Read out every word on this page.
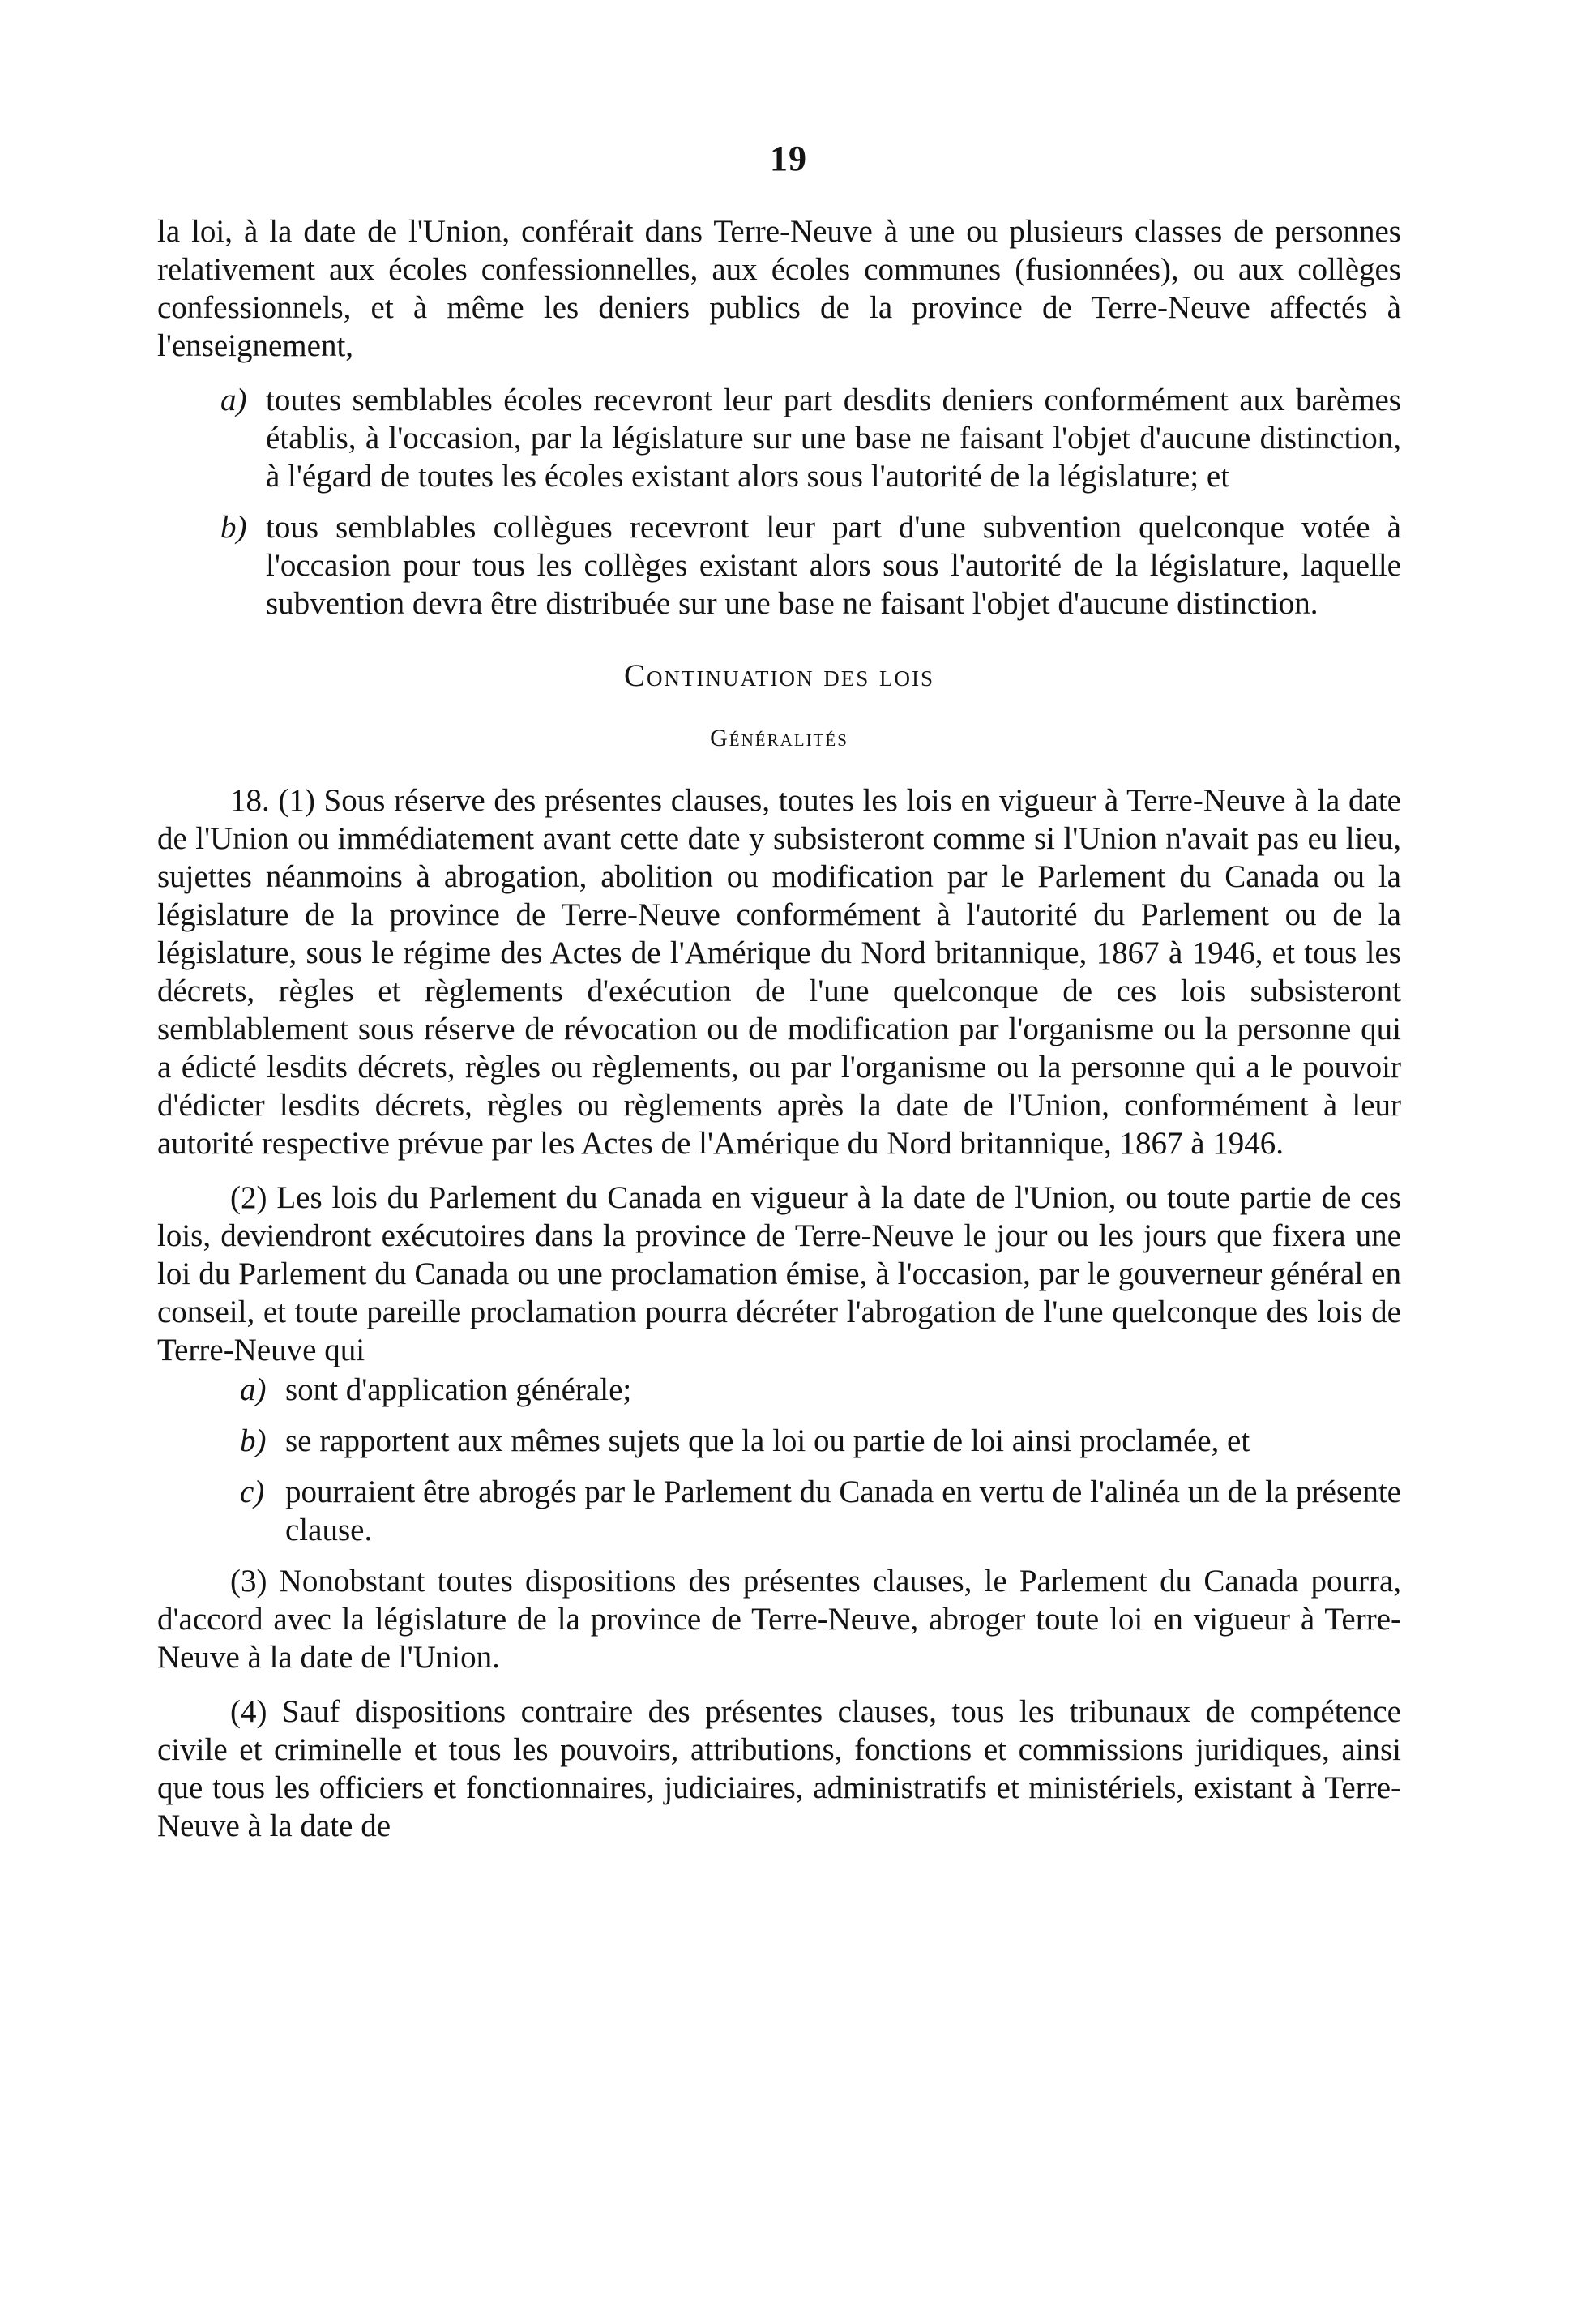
19

la loi, à la date de l'Union, conférait dans Terre-Neuve à une ou plusieurs classes de personnes relativement aux écoles confessionnelles, aux écoles communes (fusionnées), ou aux collèges confessionnels, et à même les deniers publics de la province de Terre-Neuve affectés à l'enseignement,

a) toutes semblables écoles recevront leur part desdits deniers conformément aux barèmes établis, à l'occasion, par la législature sur une base ne faisant l'objet d'aucune distinction, à l'égard de toutes les écoles existant alors sous l'autorité de la législature; et
b) tous semblables collègues recevront leur part d'une subvention quelconque votée à l'occasion pour tous les collèges existant alors sous l'autorité de la législature, laquelle subvention devra être distribuée sur une base ne faisant l'objet d'aucune distinction.
Continuation des lois
Généralités

18. (1) Sous réserve des présentes clauses, toutes les lois en vigueur à Terre-Neuve à la date de l'Union ou immédiatement avant cette date y subsisteront comme si l'Union n'avait pas eu lieu, sujettes néanmoins à abrogation, abolition ou modification par le Parlement du Canada ou la législature de la province de Terre-Neuve conformément à l'autorité du Parlement ou de la législature, sous le régime des Actes de l'Amérique du Nord britannique, 1867 à 1946, et tous les décrets, règles et règlements d'exécution de l'une quelconque de ces lois subsisteront semblablement sous réserve de révocation ou de modification par l'organisme ou la personne qui a édicté lesdits décrets, règles ou règlements, ou par l'organisme ou la personne qui a le pouvoir d'édicter lesdits décrets, règles ou règlements après la date de l'Union, conformément à leur autorité respective prévue par les Actes de l'Amérique du Nord britannique, 1867 à 1946.

(2) Les lois du Parlement du Canada en vigueur à la date de l'Union, ou toute partie de ces lois, deviendront exécutoires dans la province de Terre-Neuve le jour ou les jours que fixera une loi du Parlement du Canada ou une proclamation émise, à l'occasion, par le gouverneur général en conseil, et toute pareille proclamation pourra décréter l'abrogation de l'une quelconque des lois de Terre-Neuve qui

a) sont d'application générale;
b) se rapportent aux mêmes sujets que la loi ou partie de loi ainsi proclamée, et
c) pourraient être abrogés par le Parlement du Canada en vertu de l'alinéa un de la présente clause.

(3) Nonobstant toutes dispositions des présentes clauses, le Parlement du Canada pourra, d'accord avec la législature de la province de Terre-Neuve, abroger toute loi en vigueur à Terre-Neuve à la date de l'Union.

(4) Sauf dispositions contraire des présentes clauses, tous les tribunaux de compétence civile et criminelle et tous les pouvoirs, attributions, fonctions et commissions juridiques, ainsi que tous les officiers et fonctionnaires, judiciaires, administratifs et ministériels, existant à Terre-Neuve à la date de
